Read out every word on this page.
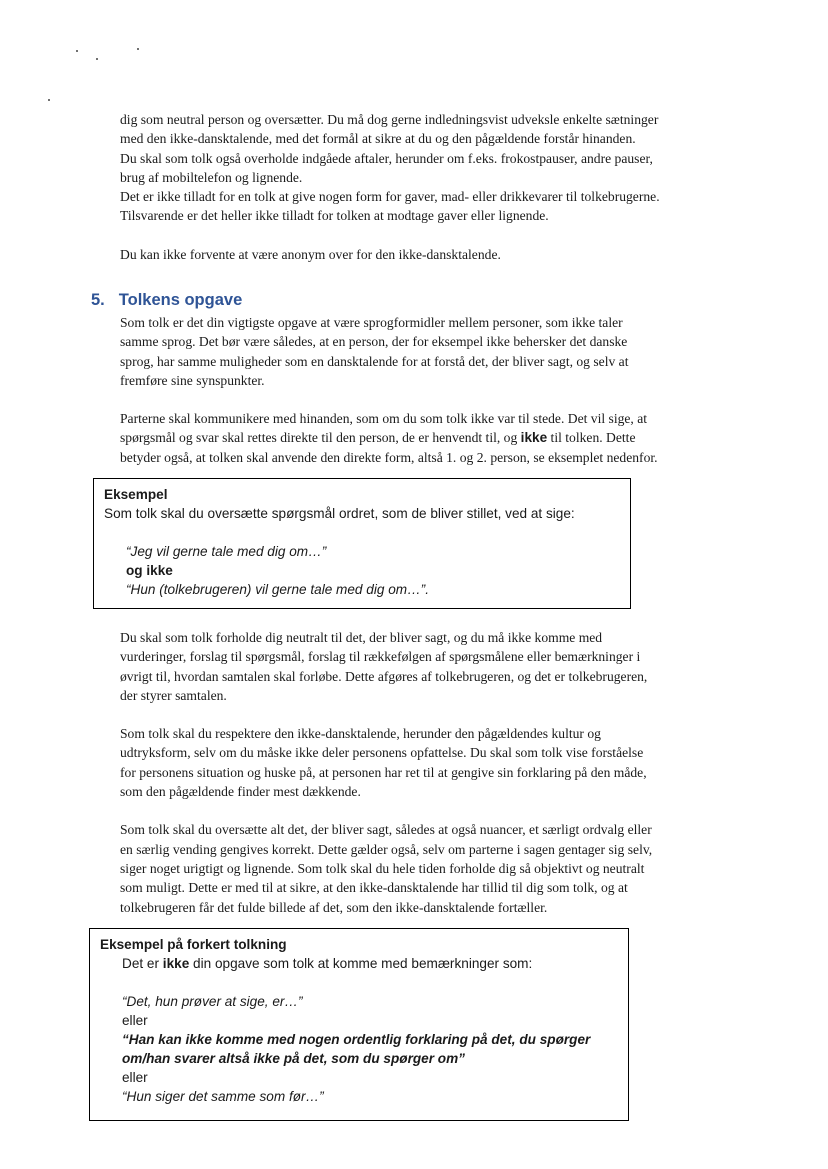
dig som neutral person og oversætter. Du må dog gerne indledningsvist udveksle enkelte sætninger
med den ikke-dansktalende, med det formål at sikre at du og den pågældende forstår hinanden.
Du skal som tolk også overholde indgåede aftaler, herunder om f.eks. frokostpauser, andre pauser,
brug af mobiltelefon og lignende.
Det er ikke tilladt for en tolk at give nogen form for gaver, mad- eller drikkevarer til tolkebrugerne.
Tilsvarende er det heller ikke tilladt for tolken at modtage gaver eller lignende.

Du kan ikke forvente at være anonym over for den ikke-dansktalende.

5. Tolkens opgave

Som tolk er det din vigtigste opgave at være sprogformidler mellem personer, som ikke taler
samme sprog. Det bør være således, at en person, der for eksempel ikke behersker det danske
sprog, har samme muligheder som en dansktalende for at forstå det, der bliver sagt, og selv at
fremføre sine synspunkter.

Parterne skal kommunikere med hinanden, som om du som tolk ikke var til stede. Det vil sige, at
spørgsmål og svar skal rettes direkte til den person, de er henvendt til, og ikke til tolken. Dette
betyder også, at tolken skal anvende den direkte form, altså 1. og 2. person, se eksemplet nedenfor.

Eksempel
Som tolk skal du oversætte spørgsmål ordret, som de bliver stillet, ved at sige:
“Jeg vil gerne tale med dig om…”
og ikke
“Hun (tolkebrugeren) vil gerne tale med dig om…”.

Du skal som tolk forholde dig neutralt til det, der bliver sagt, og du må ikke komme med
vurderinger, forslag til spørgsmål, forslag til rækkefølgen af spørgsmålene eller bemærkninger i
øvrigt til, hvordan samtalen skal forløbe. Dette afgøres af tolkebrugeren, og det er tolkebrugeren,
der styrer samtalen.

Som tolk skal du respektere den ikke-dansktalende, herunder den pågældendes kultur og
udtryksform, selv om du måske ikke deler personens opfattelse. Du skal som tolk vise forståelse
for personens situation og huske på, at personen har ret til at gengive sin forklaring på den måde,
som den pågældende finder mest dækkende.

Som tolk skal du oversætte alt det, der bliver sagt, således at også nuancer, et særligt ordvalg eller
en særlig vending gengives korrekt. Dette gælder også, selv om parterne i sagen gentager sig selv,
siger noget urigtigt og lignende. Som tolk skal du hele tiden forholde dig så objektivt og neutralt
som muligt. Dette er med til at sikre, at den ikke-dansktalende har tillid til dig som tolk, og at
tolkebrugeren får det fulde billede af det, som den ikke-dansktalende fortæller.

Eksempel på forkert tolkning
Det er ikke din opgave som tolk at komme med bemærkninger som:
“Det, hun prøver at sige, er…”
eller
“Han kan ikke komme med nogen ordentlig forklaring på det, du spørger
om/han svarer altså ikke på det, som du spørger om”
eller
“Hun siger det samme som før…”
